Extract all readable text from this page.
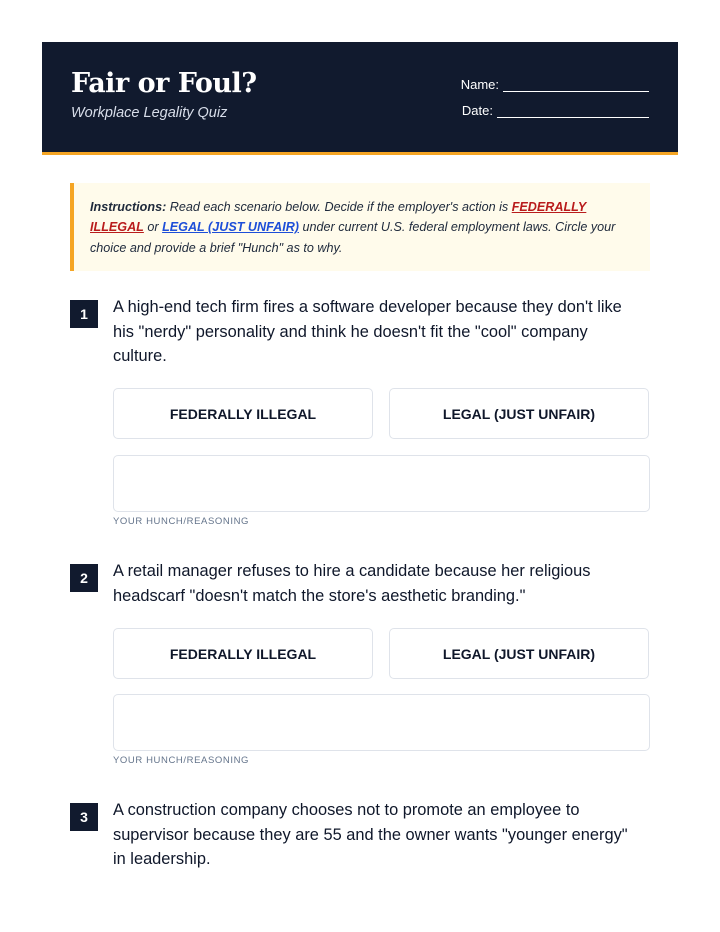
Fair or Foul?
Workplace Legality Quiz
Name:
Date:
Instructions: Read each scenario below. Decide if the employer's action is FEDERALLY ILLEGAL or LEGAL (JUST UNFAIR) under current U.S. federal employment laws. Circle your choice and provide a brief "Hunch" as to why.
1	A high-end tech firm fires a software developer because they don't like his "nerdy" personality and think he doesn't fit the "cool" company culture.
FEDERALLY ILLEGAL	LEGAL (JUST UNFAIR)
YOUR HUNCH/REASONING
2	A retail manager refuses to hire a candidate because her religious headscarf "doesn't match the store's aesthetic branding."
FEDERALLY ILLEGAL	LEGAL (JUST UNFAIR)
YOUR HUNCH/REASONING
3	A construction company chooses not to promote an employee to supervisor because they are 55 and the owner wants "younger energy" in leadership.
